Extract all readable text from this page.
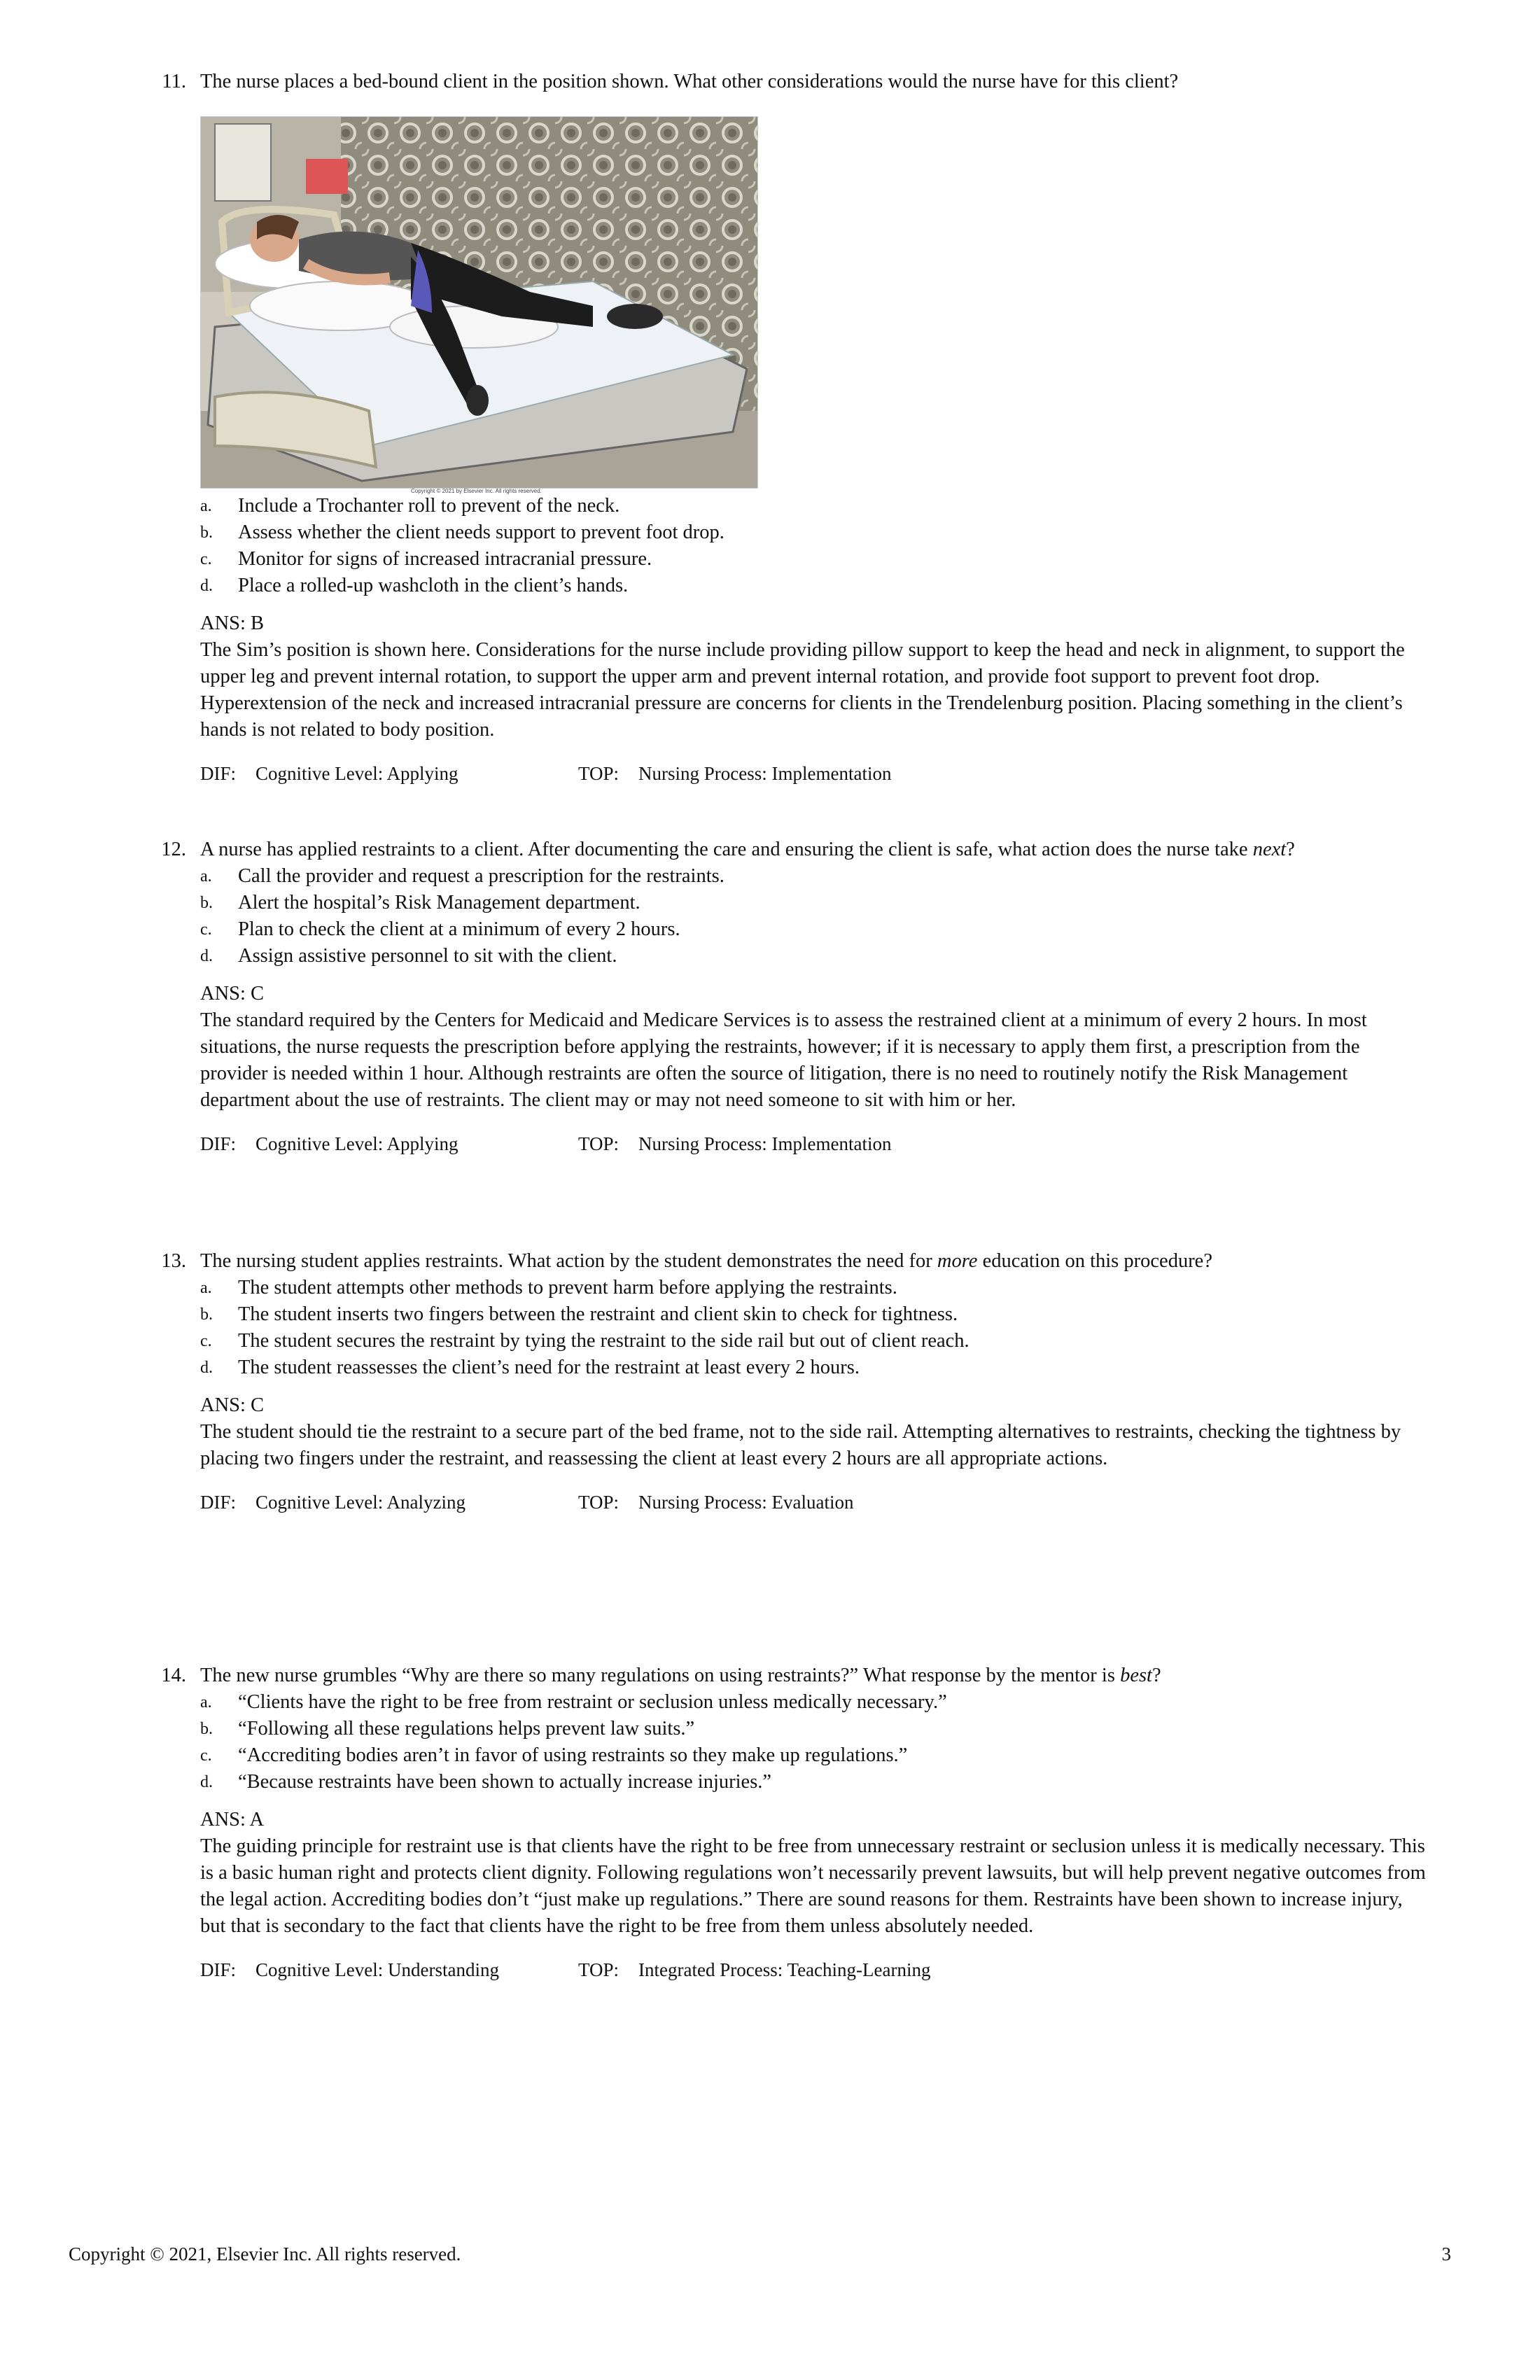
11. The nurse places a bed-bound client in the position shown. What other considerations would the nurse have for this client?
Copyright © 2021 by Elsevier Inc. All rights reserved.
a. Include a Trochanter roll to prevent of the neck.
b. Assess whether the client needs support to prevent foot drop.
c. Monitor for signs of increased intracranial pressure.
d. Place a rolled-up washcloth in the client’s hands.
ANS: B
The Sim’s position is shown here. Considerations for the nurse include providing pillow support to keep the head and neck in alignment, to support the upper leg and prevent internal rotation, to support the upper arm and prevent internal rotation, and provide foot support to prevent foot drop. Hyperextension of the neck and increased intracranial pressure are concerns for clients in the Trendelenburg position. Placing something in the client’s hands is not related to body position.
DIF: Cognitive Level: Applying	TOP: Nursing Process: Implementation
12. A nurse has applied restraints to a client. After documenting the care and ensuring the client is safe, what action does the nurse take next?
a. Call the provider and request a prescription for the restraints.
b. Alert the hospital’s Risk Management department.
c. Plan to check the client at a minimum of every 2 hours.
d. Assign assistive personnel to sit with the client.
ANS: C
The standard required by the Centers for Medicaid and Medicare Services is to assess the restrained client at a minimum of every 2 hours. In most situations, the nurse requests the prescription before applying the restraints, however; if it is necessary to apply them first, a prescription from the provider is needed within 1 hour. Although restraints are often the source of litigation, there is no need to routinely notify the Risk Management department about the use of restraints. The client may or may not need someone to sit with him or her.
DIF: Cognitive Level: Applying	TOP: Nursing Process: Implementation
13. The nursing student applies restraints. What action by the student demonstrates the need for more education on this procedure?
a. The student attempts other methods to prevent harm before applying the restraints.
b. The student inserts two fingers between the restraint and client skin to check for tightness.
c. The student secures the restraint by tying the restraint to the side rail but out of client reach.
d. The student reassesses the client’s need for the restraint at least every 2 hours.
ANS: C
The student should tie the restraint to a secure part of the bed frame, not to the side rail. Attempting alternatives to restraints, checking the tightness by placing two fingers under the restraint, and reassessing the client at least every 2 hours are all appropriate actions.
DIF: Cognitive Level: Analyzing	TOP: Nursing Process: Evaluation
14. The new nurse grumbles “Why are there so many regulations on using restraints?” What response by the mentor is best?
a. “Clients have the right to be free from restraint or seclusion unless medically necessary.”
b. “Following all these regulations helps prevent law suits.”
c. “Accrediting bodies aren’t in favor of using restraints so they make up regulations.”
d. “Because restraints have been shown to actually increase injuries.”
ANS: A
The guiding principle for restraint use is that clients have the right to be free from unnecessary restraint or seclusion unless it is medically necessary. This is a basic human right and protects client dignity. Following regulations won’t necessarily prevent lawsuits, but will help prevent negative outcomes from the legal action. Accrediting bodies don’t “just make up regulations.” There are sound reasons for them. Restraints have been shown to increase injury, but that is secondary to the fact that clients have the right to be free from them unless absolutely needed.
DIF: Cognitive Level: Understanding	TOP: Integrated Process: Teaching-Learning
Copyright © 2021, Elsevier Inc. All rights reserved.	3
